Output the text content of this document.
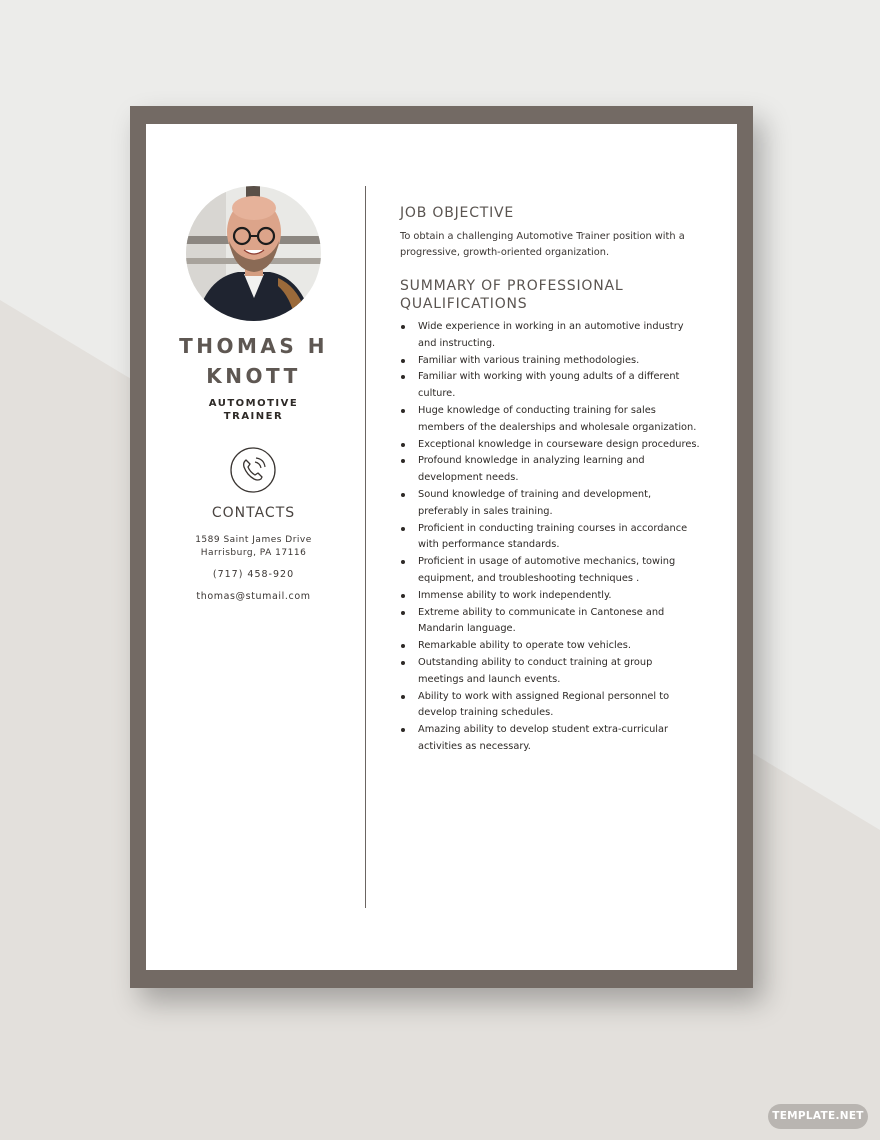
THOMAS H
KNOTT
AUTOMOTIVE
TRAINER
CONTACTS
1589 Saint James Drive
Harrisburg, PA 17116
(717) 458-920
thomas@stumail.com
JOB OBJECTIVE
To obtain a challenging Automotive Trainer position with a progressive, growth-oriented organization.
SUMMARY OF PROFESSIONAL
QUALIFICATIONS
Wide experience in working in an automotive industry and instructing.
Familiar with various training methodologies.
Familiar with working with young adults of a different culture.
Huge knowledge of conducting training for sales members of the dealerships and wholesale organization.
Exceptional knowledge in courseware design procedures.
Profound knowledge in analyzing learning and development needs.
Sound knowledge of training and development, preferably in sales training.
Proficient in conducting training courses in accordance with performance standards.
Proficient in usage of automotive mechanics, towing equipment, and troubleshooting techniques .
Immense ability to work independently.
Extreme ability to communicate in Cantonese and Mandarin language.
Remarkable ability to operate tow vehicles.
Outstanding ability to conduct training at group meetings and launch events.
Ability to work with assigned Regional personnel to develop training schedules.
Amazing ability to develop student extra-curricular activities as necessary.
TEMPLATE.NET
